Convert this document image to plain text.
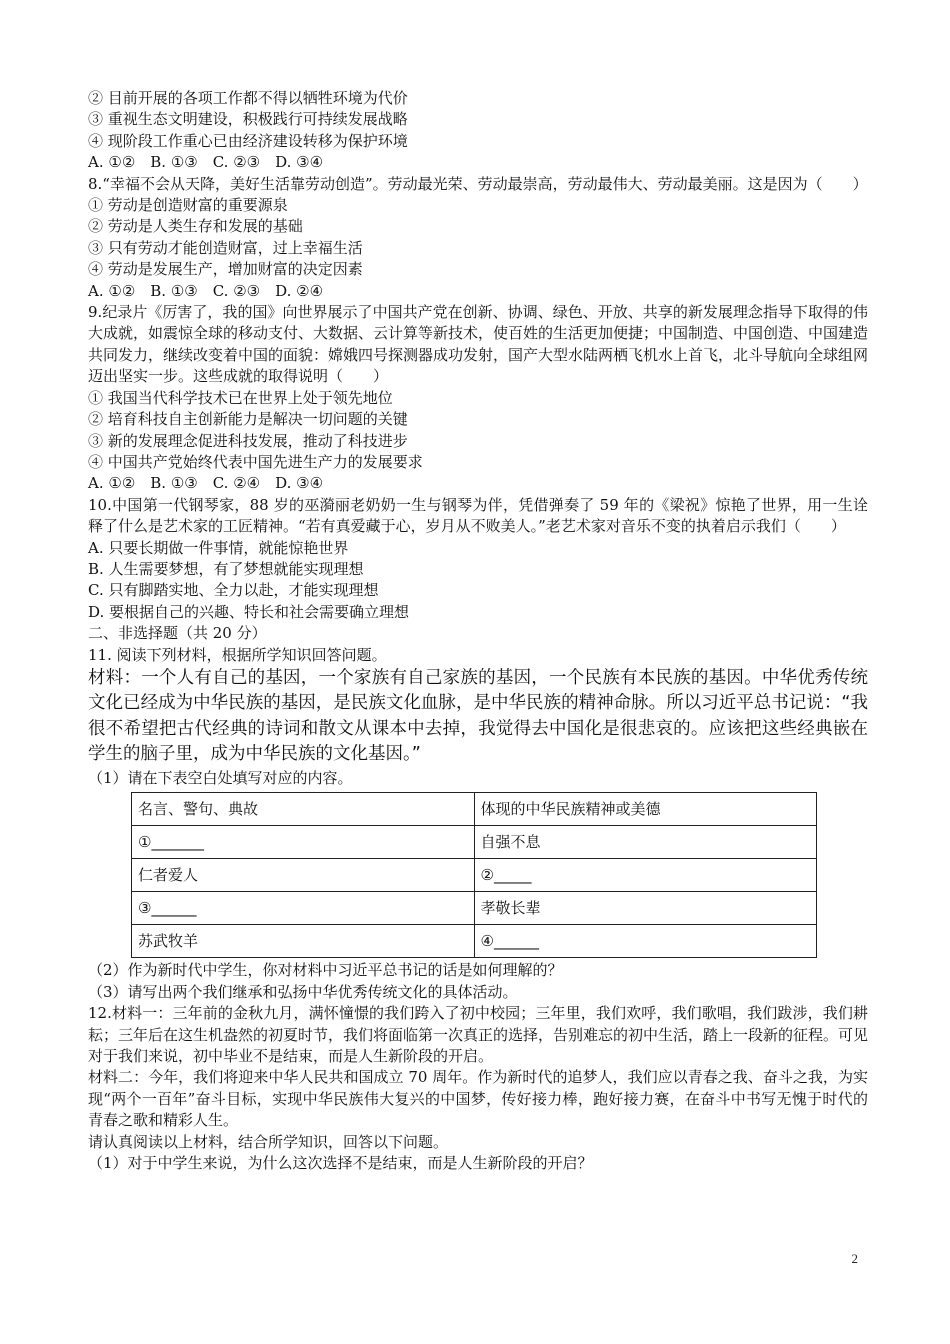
② 目前开展的各项工作都不得以牺牲环境为代价
③ 重视生态文明建设，积极践行可持续发展战略
④ 现阶段工作重心已由经济建设转移为保护环境
A. ①②　B. ①③　C. ②③　D. ③④
8.“幸福不会从天降，美好生活靠劳动创造”。劳动最光荣、劳动最崇高，劳动最伟大、劳动最美丽。这是因为（　　）
① 劳动是创造财富的重要源泉
② 劳动是人类生存和发展的基础
③ 只有劳动才能创造财富，过上幸福生活
④ 劳动是发展生产，增加财富的决定因素
A. ①②　B. ①③　C. ②③　D. ②④
9.纪录片《厉害了，我的国》向世界展示了中国共产党在创新、协调、绿色、开放、共享的新发展理念指导下取得的伟大成就，如震惊全球的移动支付、大数据、云计算等新技术，使百姓的生活更加便捷；中国制造、中国创造、中国建造共同发力，继续改变着中国的面貌：嫦娥四号探测器成功发射，国产大型水陆两栖飞机水上首飞，北斗导航向全球组网迈出坚实一步。这些成就的取得说明（　　）
① 我国当代科学技术已在世界上处于领先地位
② 培育科技自主创新能力是解决一切问题的关键
③ 新的发展理念促进科技发展，推动了科技进步
④ 中国共产党始终代表中国先进生产力的发展要求
A. ①②　B. ①③　C. ②④　D. ③④
10.中国第一代钢琴家，88 岁的巫漪丽老奶奶一生与钢琴为伴，凭借弹奏了 59 年的《梁祝》惊艳了世界，用一生诠释了什么是艺术家的工匠精神。“若有真爱藏于心，岁月从不败美人。”老艺术家对音乐不变的执着启示我们（　　）
A. 只要长期做一件事情，就能惊艳世界
B. 人生需要梦想，有了梦想就能实现理想
C. 只有脚踏实地、全力以赴，才能实现理想
D. 要根据自己的兴趣、特长和社会需要确立理想
二、非选择题（共 20 分）
11. 阅读下列材料，根据所学知识回答问题。
材料：一个人有自己的基因，一个家族有自己家族的基因，一个民族有本民族的基因。中华优秀传统文化已经成为中华民族的基因，是民族文化血脉，是中华民族的精神命脉。所以习近平总书记说：“我很不希望把古代经典的诗词和散文从课本中去掉，我觉得去中国化是很悲哀的。应该把这些经典嵌在学生的脑子里，成为中华民族的文化基因。”
（1）请在下表空白处填写对应的内容。
名言、警句、典故	体现的中华民族精神或美德
①_______	自强不息
仁者爱人	②_____
③______	孝敬长辈
苏武牧羊	④______
（2）作为新时代中学生，你对材料中习近平总书记的话是如何理解的？
（3）请写出两个我们继承和弘扬中华优秀传统文化的具体活动。
12.材料一：三年前的金秋九月，满怀憧憬的我们跨入了初中校园；三年里，我们欢呼，我们歌唱，我们跋涉，我们耕耘；三年后在这生机盎然的初夏时节，我们将面临第一次真正的选择，告别难忘的初中生活，踏上一段新的征程。可见对于我们来说，初中毕业不是结束，而是人生新阶段的开启。
材料二：今年，我们将迎来中华人民共和国成立 70 周年。作为新时代的追梦人，我们应以青春之我、奋斗之我，为实现“两个一百年”奋斗目标，实现中华民族伟大复兴的中国梦，传好接力棒，跑好接力赛，在奋斗中书写无愧于时代的青春之歌和精彩人生。
请认真阅读以上材料，结合所学知识，回答以下问题。
（1）对于中学生来说，为什么这次选择不是结束，而是人生新阶段的开启？
2
